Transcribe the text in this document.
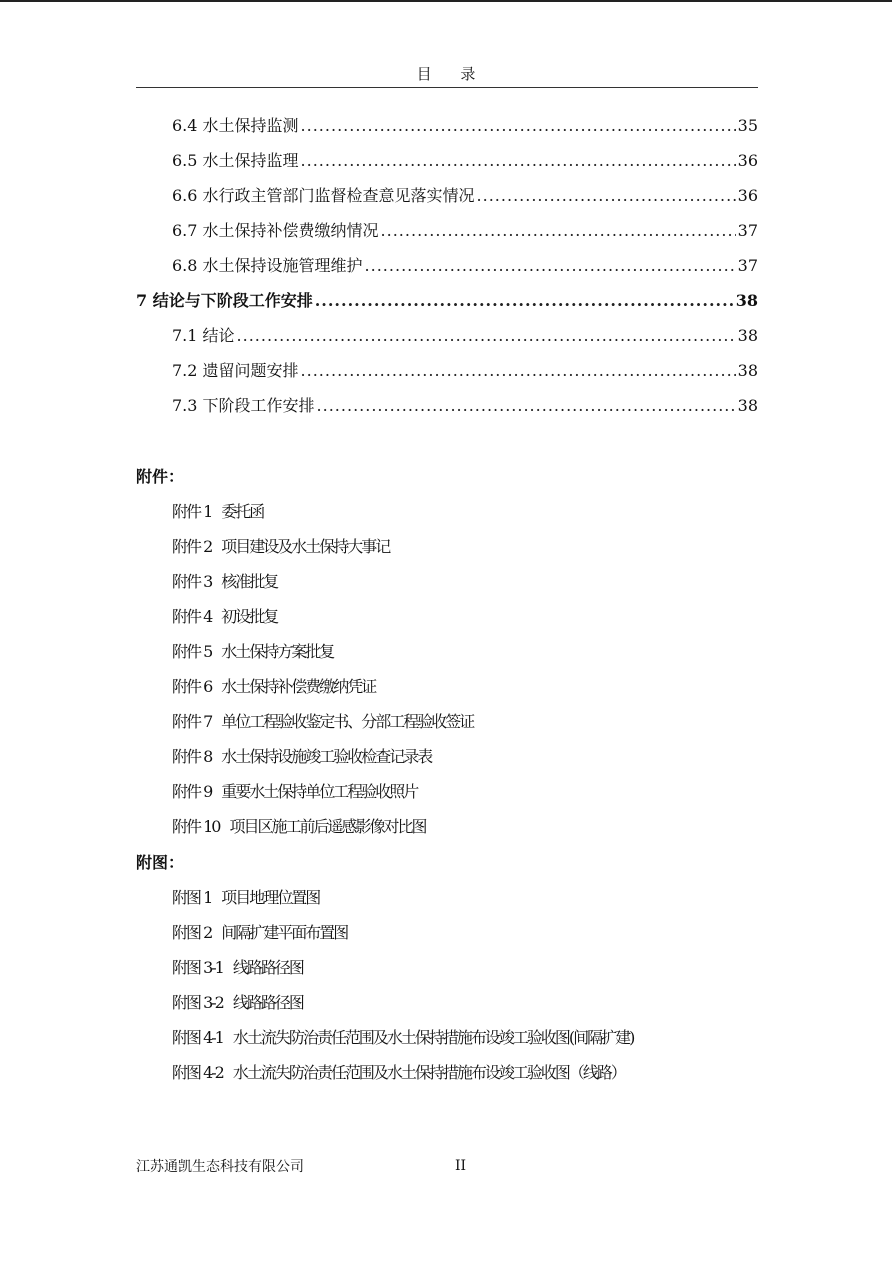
目 录
6.4 水土保持监测 .....	35
6.5 水土保持监理 .....	36
6.6 水行政主管部门监督检查意见落实情况 .....	36
6.7 水土保持补偿费缴纳情况 .....	37
6.8 水土保持设施管理维护 .....	37
7 结论与下阶段工作安排 .....	38
7.1 结论 .....	38
7.2 遗留问题安排 .....	38
7.3 下阶段工作安排 .....	38
附件：
附件 1 委托函
附件 2 项目建设及水土保持大事记
附件 3 核准批复
附件 4 初设批复
附件 5 水土保持方案批复
附件 6 水土保持补偿费缴纳凭证
附件 7 单位工程验收鉴定书、分部工程验收签证
附件 8 水土保持设施竣工验收检查记录表
附件 9 重要水土保持单位工程验收照片
附件 10 项目区施工前后遥感影像对比图
附图：
附图 1 项目地理位置图
附图 2 间隔扩建平面布置图
附图 3-1 线路路径图
附图 3-2 线路路径图
附图 4-1 水土流失防治责任范围及水土保持措施布设竣工验收图(间隔扩建)
附图 4-2 水土流失防治责任范围及水土保持措施布设竣工验收图（线路）
江苏通凯生态科技有限公司	II
